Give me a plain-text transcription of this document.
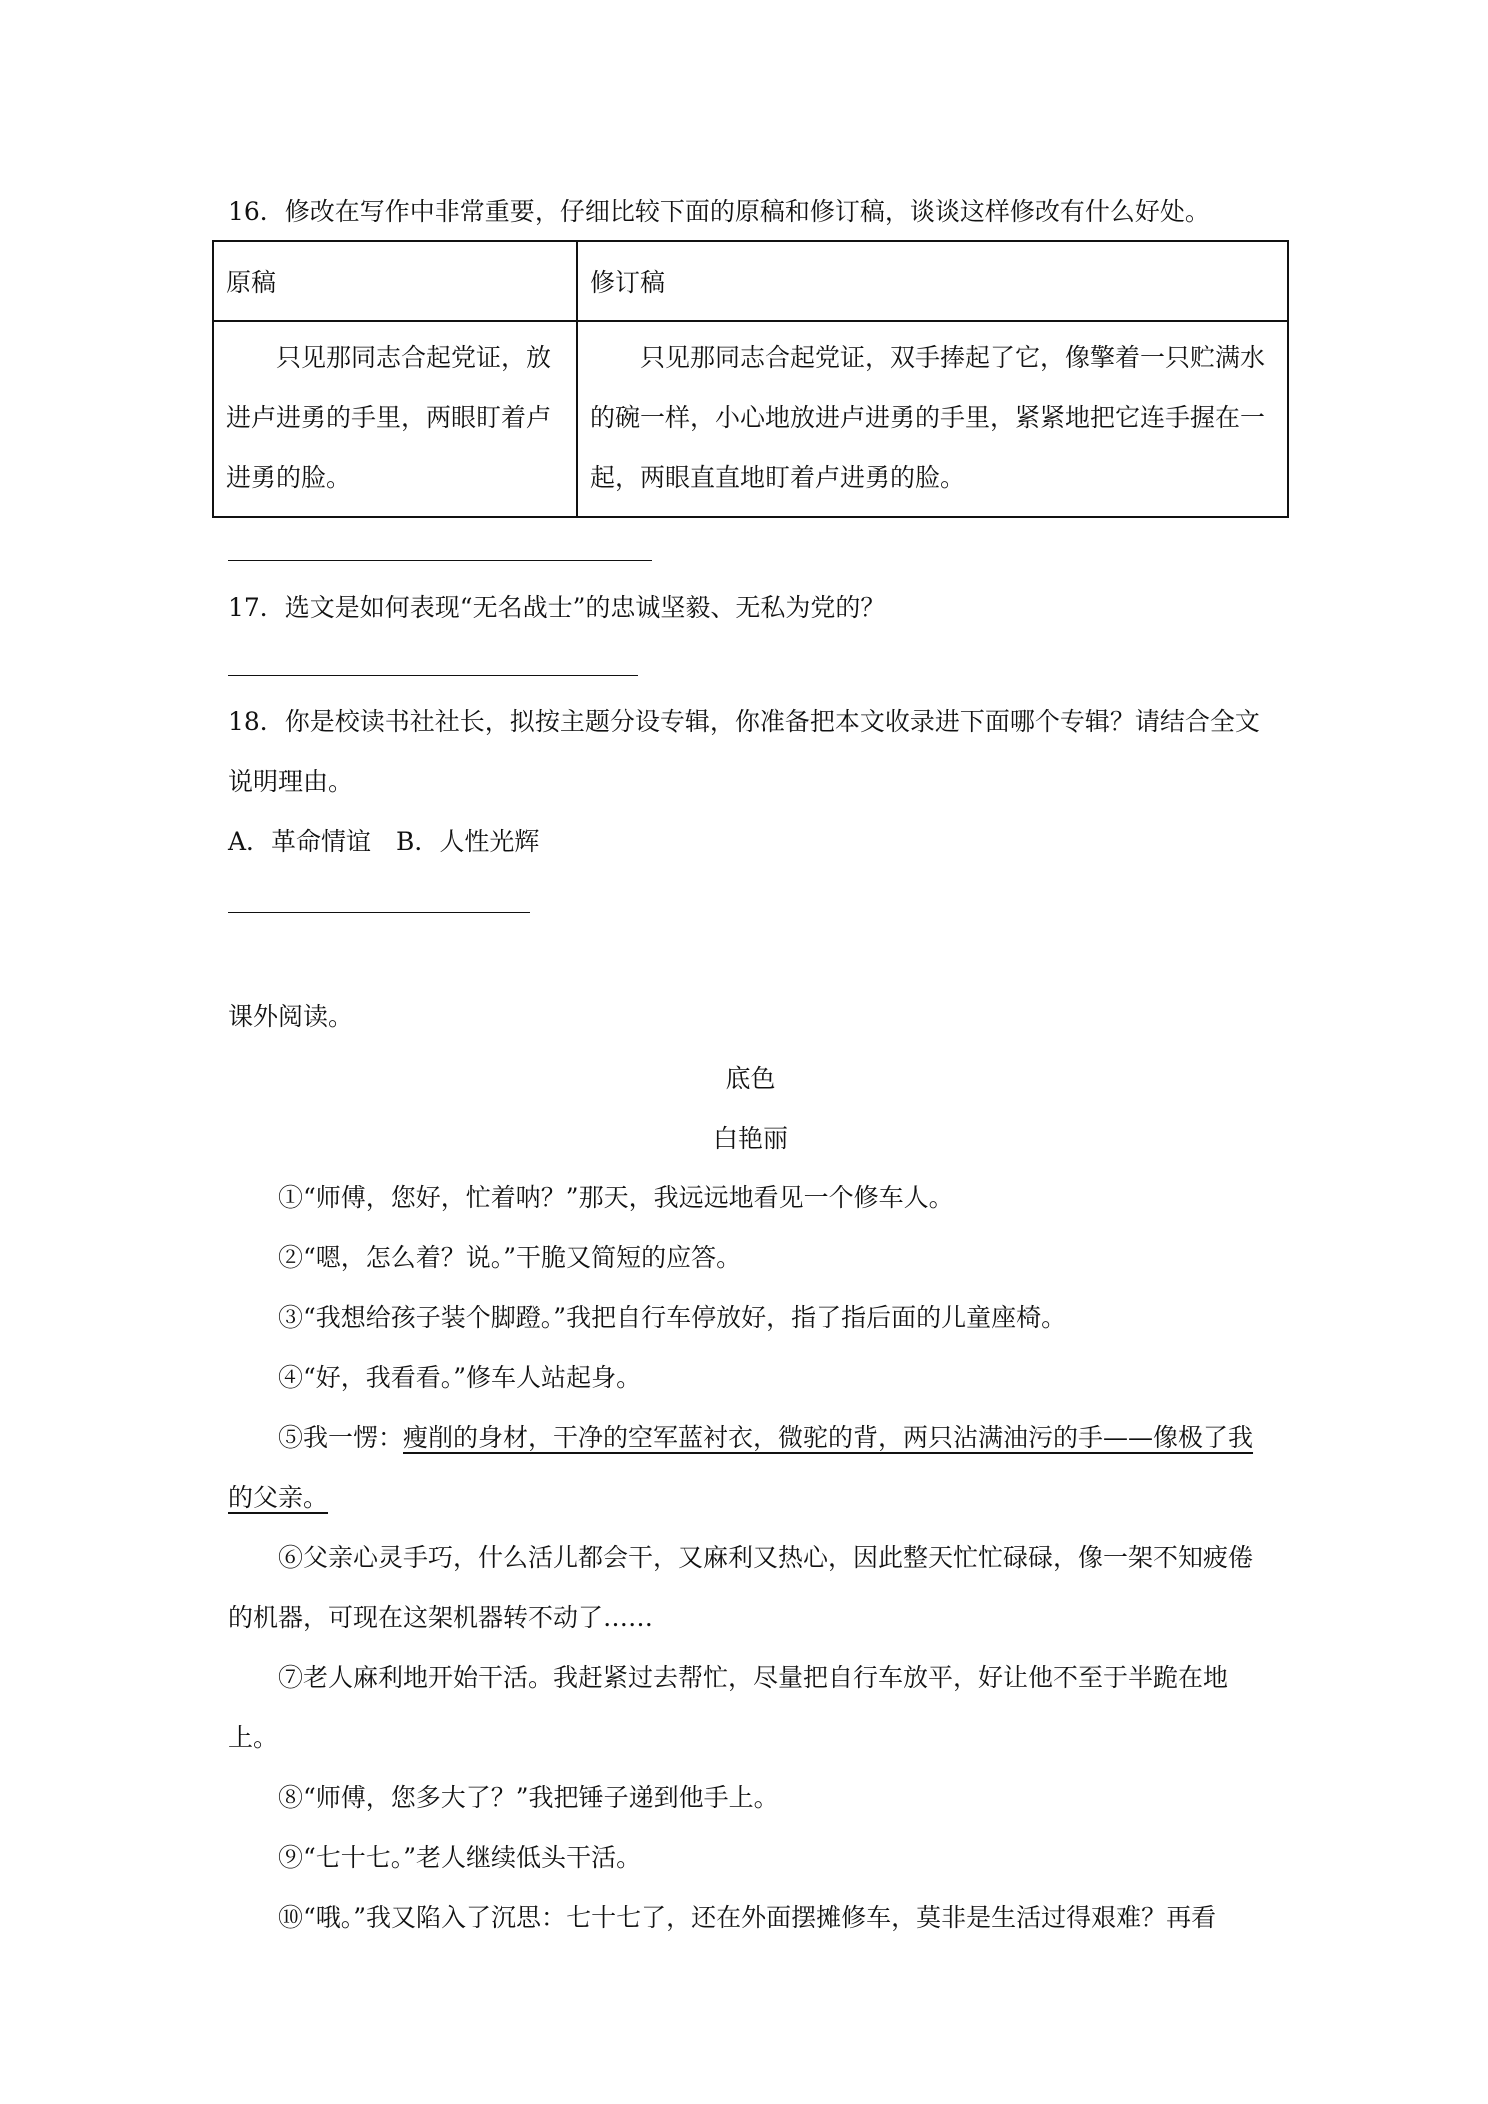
16．修改在写作中非常重要，仔细比较下面的原稿和修订稿，谈谈这样修改有什么好处。
原稿	修订稿

只见那同志合起党证，放进卢进勇的手里，两眼盯着卢进勇的脸。	只见那同志合起党证，双手捧起了它，像擎着一只贮满水的碗一样，小心地放进卢进勇的手里，紧紧地把它连手握在一起，两眼直直地盯着卢进勇的脸。
17．选文是如何表现“无名战士”的忠诚坚毅、无私为党的？
18．你是校读书社社长，拟按主题分设专辑，你准备把本文收录进下面哪个专辑？请结合全文说明理由。
A．革命情谊　B．人性光辉
课外阅读。
底色
白艳丽
①“师傅，您好，忙着呐？”那天，我远远地看见一个修车人。
②“嗯，怎么着？说。”干脆又简短的应答。
③“我想给孩子装个脚蹬。”我把自行车停放好，指了指后面的儿童座椅。
④“好，我看看。”修车人站起身。
⑤我一愣：瘦削的身材，干净的空军蓝衬衣，微驼的背，两只沾满油污的手——像极了我的父亲。
⑥父亲心灵手巧，什么活儿都会干，又麻利又热心，因此整天忙忙碌碌，像一架不知疲倦的机器，可现在这架机器转不动了……
⑦老人麻利地开始干活。我赶紧过去帮忙，尽量把自行车放平，好让他不至于半跪在地上。
⑧“师傅，您多大了？”我把锤子递到他手上。
⑨“七十七。”老人继续低头干活。
⑩“哦。”我又陷入了沉思：七十七了，还在外面摆摊修车，莫非是生活过得艰难？再看
